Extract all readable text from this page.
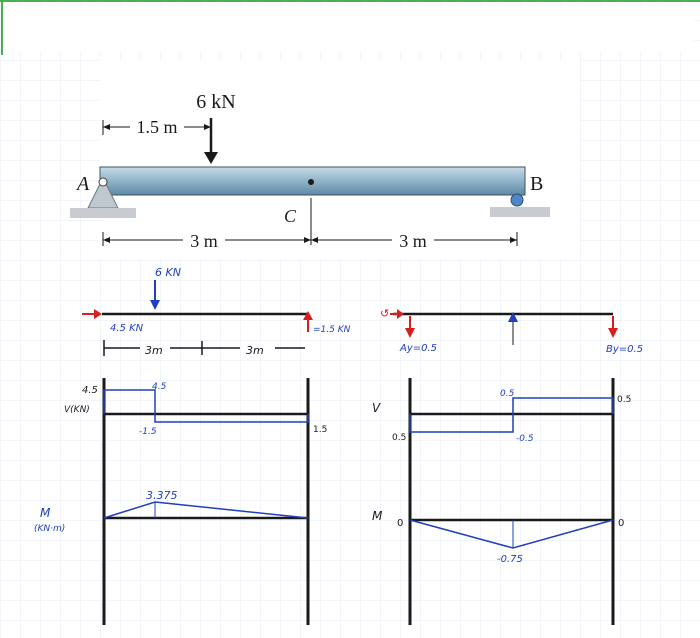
6 kN
1.5 m
A	B
C
3 m	3 m
6 KN
4.5 KN	=1.5 KN
3m	3m
4.5
V(KN)
4.5
-1.5	1.5
3.375
M
(KN·m)
↺
Ay=0.5	By=0.5
V
0.5
0.5
0.5
-0.5
M
0	0
-0.75
